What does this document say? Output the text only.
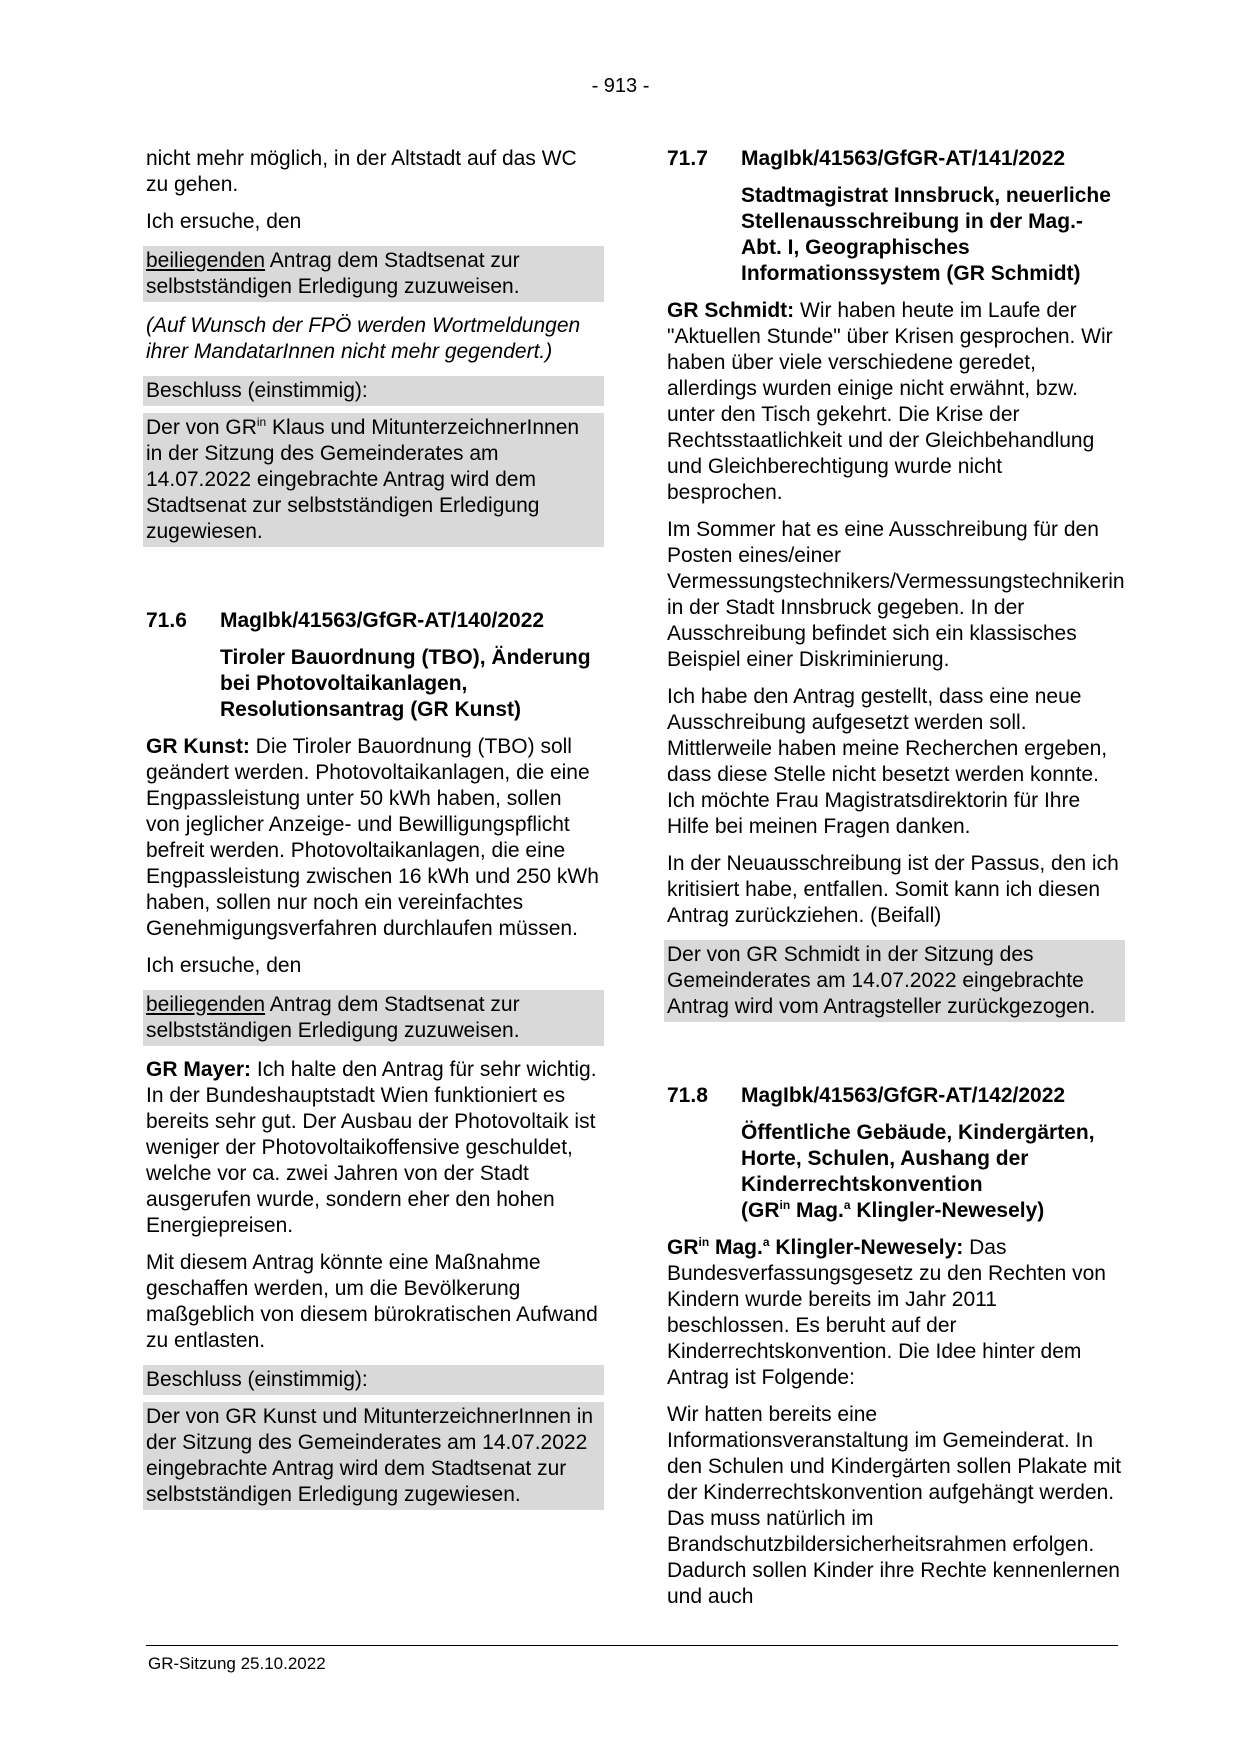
- 913 -

nicht mehr möglich, in der Altstadt auf das WC zu gehen.

Ich ersuche, den

beiliegenden Antrag dem Stadtsenat zur selbstständigen Erledigung zuzuweisen.

(Auf Wunsch der FPÖ werden Wortmeldungen ihrer MandatarInnen nicht mehr gegendert.)

Beschluss (einstimmig):

Der von $GR^{in}$ Klaus und MitunterzeichnerInnen in der Sitzung des Gemeinderates am 14.07.2022 eingebrachte Antrag wird dem Stadtsenat zur selbstständigen Erledigung zugewiesen.

71.6	MagIbk/41563/GfGR-AT/140/2022

Tiroler Bauordnung (TBO), Änderung bei Photovoltaikanlagen, Resolutionsantrag (GR Kunst)

GR Kunst: Die Tiroler Bauordnung (TBO) soll geändert werden. Photovoltaikanlagen, die eine Engpassleistung unter 50 kWh haben, sollen von jeglicher Anzeige- und Bewilligungspflicht befreit werden. Photovoltaikanlagen, die eine Engpassleistung zwischen 16 kWh und 250 kWh haben, sollen nur noch ein vereinfachtes Genehmigungsverfahren durchlaufen müssen.

Ich ersuche, den

beiliegenden Antrag dem Stadtsenat zur selbstständigen Erledigung zuzuweisen.

GR Mayer: Ich halte den Antrag für sehr wichtig. In der Bundeshauptstadt Wien funktioniert es bereits sehr gut. Der Ausbau der Photovoltaik ist weniger der Photovoltaikoffensive geschuldet, welche vor ca. zwei Jahren von der Stadt ausgerufen wurde, sondern eher den hohen Energiepreisen.

Mit diesem Antrag könnte eine Maßnahme geschaffen werden, um die Bevölkerung maßgeblich von diesem bürokratischen Aufwand zu entlasten.

Beschluss (einstimmig):

Der von GR Kunst und MitunterzeichnerInnen in der Sitzung des Gemeinderates am 14.07.2022 eingebrachte Antrag wird dem Stadtsenat zur selbstständigen Erledigung zugewiesen.

71.7	MagIbk/41563/GfGR-AT/141/2022

Stadtmagistrat Innsbruck, neuerliche Stellenausschreibung in der Mag.-Abt. I, Geographisches Informationssystem (GR Schmidt)

GR Schmidt: Wir haben heute im Laufe der "Aktuellen Stunde" über Krisen gesprochen. Wir haben über viele verschiedene geredet, allerdings wurden einige nicht erwähnt, bzw. unter den Tisch gekehrt. Die Krise der Rechtsstaatlichkeit und der Gleichbehandlung und Gleichberechtigung wurde nicht besprochen.

Im Sommer hat es eine Ausschreibung für den Posten eines/einer Vermessungstechnikers/Vermessungstechnikerin in der Stadt Innsbruck gegeben. In der Ausschreibung befindet sich ein klassisches Beispiel einer Diskriminierung.

Ich habe den Antrag gestellt, dass eine neue Ausschreibung aufgesetzt werden soll. Mittlerweile haben meine Recherchen ergeben, dass diese Stelle nicht besetzt werden konnte. Ich möchte Frau Magistratsdirektorin für Ihre Hilfe bei meinen Fragen danken.

In der Neuausschreibung ist der Passus, den ich kritisiert habe, entfallen. Somit kann ich diesen Antrag zurückziehen. (Beifall)

Der von GR Schmidt in der Sitzung des Gemeinderates am 14.07.2022 eingebrachte Antrag wird vom Antragsteller zurückgezogen.

71.8	MagIbk/41563/GfGR-AT/142/2022

Öffentliche Gebäude, Kindergärten, Horte, Schulen, Aushang der Kinderrechtskonvention
($GR^{in}$ Mag.$^a$ Klingler-Newesely)

$GR^{in}$ Mag.$^a$ Klingler-Newesely: Das Bundesverfassungsgesetz zu den Rechten von Kindern wurde bereits im Jahr 2011 beschlossen. Es beruht auf der Kinderrechtskonvention. Die Idee hinter dem Antrag ist Folgende:

Wir hatten bereits eine Informationsveranstaltung im Gemeinderat. In den Schulen und Kindergärten sollen Plakate mit der Kinderrechtskonvention aufgehängt werden. Das muss natürlich im Brandschutzbildersicherheitsrahmen erfolgen. Dadurch sollen Kinder ihre Rechte kennenlernen und auch

GR-Sitzung 25.10.2022
